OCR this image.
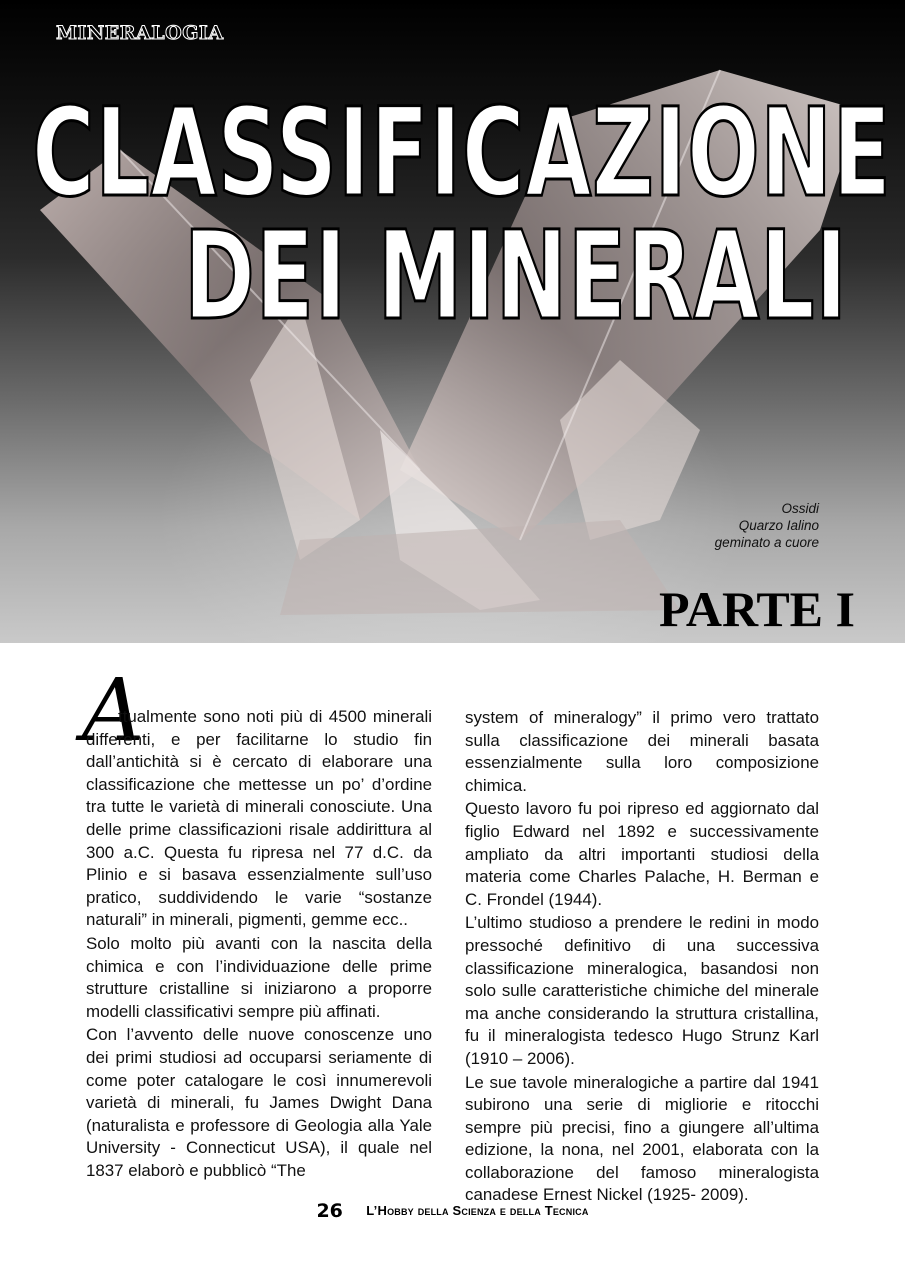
MINERALOGIA
CLASSIFICAZIONE
DEI MINERALI
Ossidi
Quarzo Ialino
geminato a cuore
PARTE I
A

ttualmente sono noti più di 4500 minerali differenti, e per facilitarne lo studio fin dall’antichità si è cercato di elaborare una classificazione che mettesse un po’ d’ordine tra tutte le varietà di minerali conosciute. Una delle prime classificazioni risale addirittura al 300 a.C. Questa fu ripresa nel 77 d.C. da Plinio e si basava essenzialmente sull’uso pratico, suddividendo le varie “sostanze naturali” in minerali, pigmenti, gemme ecc..

Solo molto più avanti con la nascita della chimica e con l’individuazione delle prime strutture cristalline si iniziarono a proporre modelli classificativi sempre più affinati.

Con l’avvento delle nuove conoscenze uno dei primi studiosi ad occuparsi seriamente di come poter catalogare le così innumerevoli varietà di minerali, fu James Dwight Dana (naturalista e professore di Geologia alla Yale University - Connecticut USA), il quale nel 1837 elaborò e pubblicò “The

system of mineralogy” il primo vero trattato sulla classificazione dei minerali basata essenzialmente sulla loro composizione chimica.

Questo lavoro fu poi ripreso ed aggiornato dal figlio Edward nel 1892 e successivamente ampliato da altri importanti studiosi della materia come Charles Palache, H. Berman e C. Frondel (1944).

L’ultimo studioso a prendere le redini in modo pressoché definitivo di una successiva classificazione mineralogica, basandosi non solo sulle caratteristiche chimiche del minerale ma anche considerando la struttura cristallina, fu il mineralogista tedesco Hugo Strunz Karl (1910 – 2006).

Le sue tavole mineralogiche a partire dal 1941 subirono una serie di migliorie e ritocchi sempre più precisi, fino a giungere all’ultima edizione, la nona, nel 2001, elaborata con la collaborazione del famoso mineralogista canadese Ernest Nickel (1925- 2009).

26 L’Hobby della Scienza e della Tecnica
